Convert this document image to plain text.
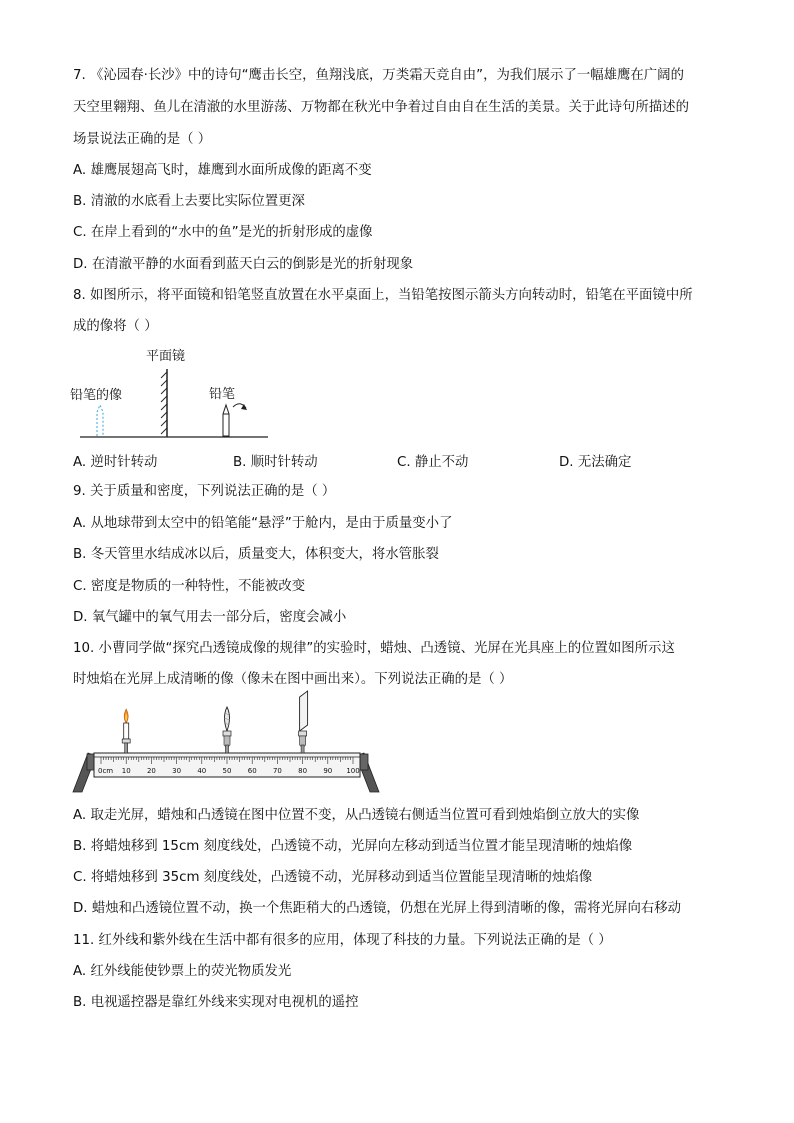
7. 《沁园春·长沙》中的诗句“鹰击长空，鱼翔浅底，万类霜天竞自由”，为我们展示了一幅雄鹰在广阔的
天空里翱翔、鱼儿在清澈的水里游荡、万物都在秋光中争着过自由自在生活的美景。关于此诗句所描述的
场景说法正确的是（ ）
A. 雄鹰展翅高飞时，雄鹰到水面所成像的距离不变
B. 清澈的水底看上去要比实际位置更深
C. 在岸上看到的“水中的鱼”是光的折射形成的虚像
D. 在清澈平静的水面看到蓝天白云的倒影是光的折射现象
8. 如图所示，将平面镜和铅笔竖直放置在水平桌面上，当铅笔按图示箭头方向转动时，铅笔在平面镜中所
成的像将（ ）
平面镜
铅笔的像	铅笔
A. 逆时针转动	B. 顺时针转动	C. 静止不动	D. 无法确定
9. 关于质量和密度，下列说法正确的是（ ）
A. 从地球带到太空中的铅笔能“悬浮”于舱内，是由于质量变小了
B. 冬天管里水结成冰以后，质量变大，体积变大，将水管胀裂
C. 密度是物质的一种特性，不能被改变
D. 氧气罐中的氧气用去一部分后，密度会减小
10. 小曹同学做“探究凸透镜成像的规律”的实验时，蜡烛、凸透镜、光屏在光具座上的位置如图所示这
时烛焰在光屏上成清晰的像（像未在图中画出来）。下列说法正确的是（ ）
0cm 10 20 30 40 50 60 70 80 90 100
A. 取走光屏，蜡烛和凸透镜在图中位置不变，从凸透镜右侧适当位置可看到烛焰倒立放大的实像
B. 将蜡烛移到 15cm 刻度线处，凸透镜不动，光屏向左移动到适当位置才能呈现清晰的烛焰像
C. 将蜡烛移到 35cm 刻度线处，凸透镜不动，光屏移动到适当位置能呈现清晰的烛焰像
D. 蜡烛和凸透镜位置不动，换一个焦距稍大的凸透镜，仍想在光屏上得到清晰的像，需将光屏向右移动
11. 红外线和紫外线在生活中都有很多的应用，体现了科技的力量。下列说法正确的是（ ）
A. 红外线能使钞票上的荧光物质发光
B. 电视遥控器是靠红外线来实现对电视机的遥控
